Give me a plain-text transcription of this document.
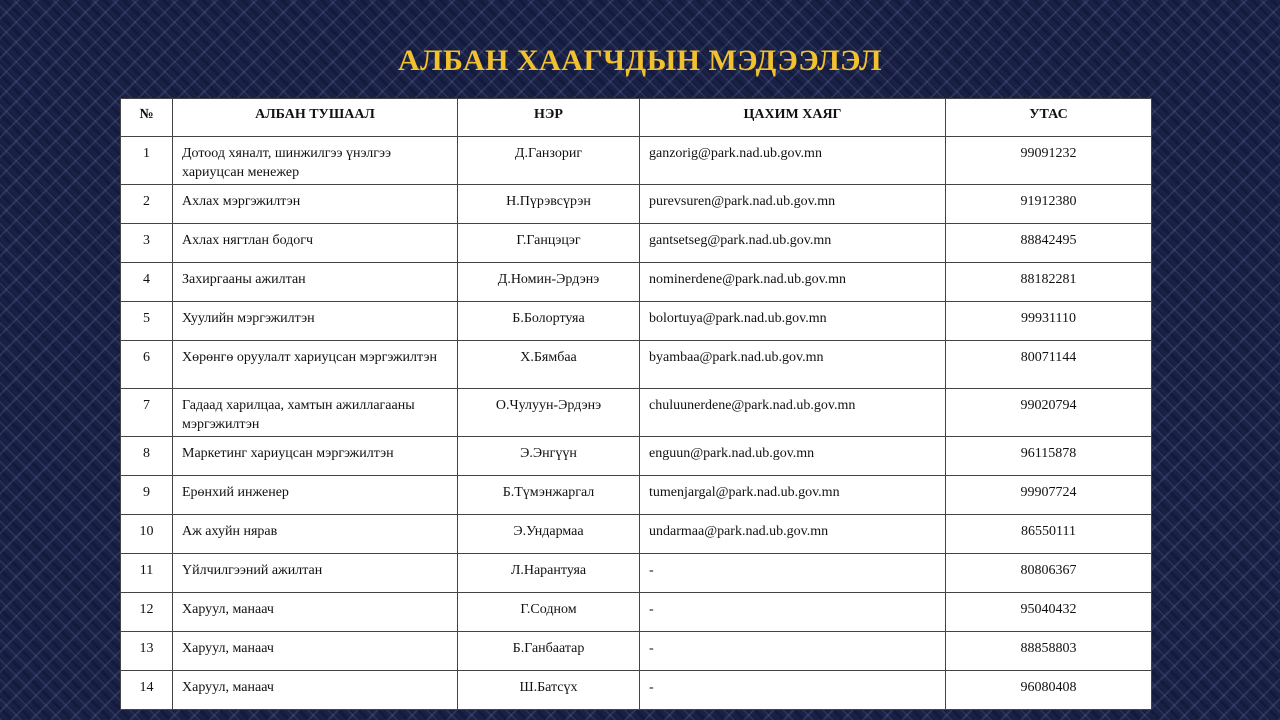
АЛБАН ХААГЧДЫН МЭДЭЭЛЭЛ
№	АЛБАН ТУШААЛ	НЭР	ЦАХИМ ХАЯГ	УТАС
1	Дотоод хяналт, шинжилгээ үнэлгээ хариуцсан менежер	Д.Ганзориг	ganzorig@park.nad.ub.gov.mn	99091232
2	Ахлах мэргэжилтэн	Н.Пүрэвсүрэн	purevsuren@park.nad.ub.gov.mn	91912380
3	Ахлах нягтлан бодогч	Г.Ганцэцэг	gantsetseg@park.nad.ub.gov.mn	88842495
4	Захиргааны ажилтан	Д.Номин-Эрдэнэ	nominerdene@park.nad.ub.gov.mn	88182281
5	Хуулийн мэргэжилтэн	Б.Болортуяа	bolortuya@park.nad.ub.gov.mn	99931110
6	Хөрөнгө оруулалт хариуцсан мэргэжилтэн	Х.Бямбаа	byambaa@park.nad.ub.gov.mn	80071144
7	Гадаад харилцаа, хамтын ажиллагааны мэргэжилтэн	О.Чулуун-Эрдэнэ	chuluunerdene@park.nad.ub.gov.mn	99020794
8	Маркетинг хариуцсан мэргэжилтэн	Э.Энгүүн	enguun@park.nad.ub.gov.mn	96115878
9	Ерөнхий инженер	Б.Түмэнжаргал	tumenjargal@park.nad.ub.gov.mn	99907724
10	Аж ахуйн нярав	Э.Ундармаа	undarmaa@park.nad.ub.gov.mn	86550111
11	Үйлчилгээний ажилтан	Л.Нарантуяа	-	80806367
12	Харуул, манаач	Г.Содном	-	95040432
13	Харуул, манаач	Б.Ганбаатар	-	88858803
14	Харуул, манаач	Ш.Батсүх	-	96080408
